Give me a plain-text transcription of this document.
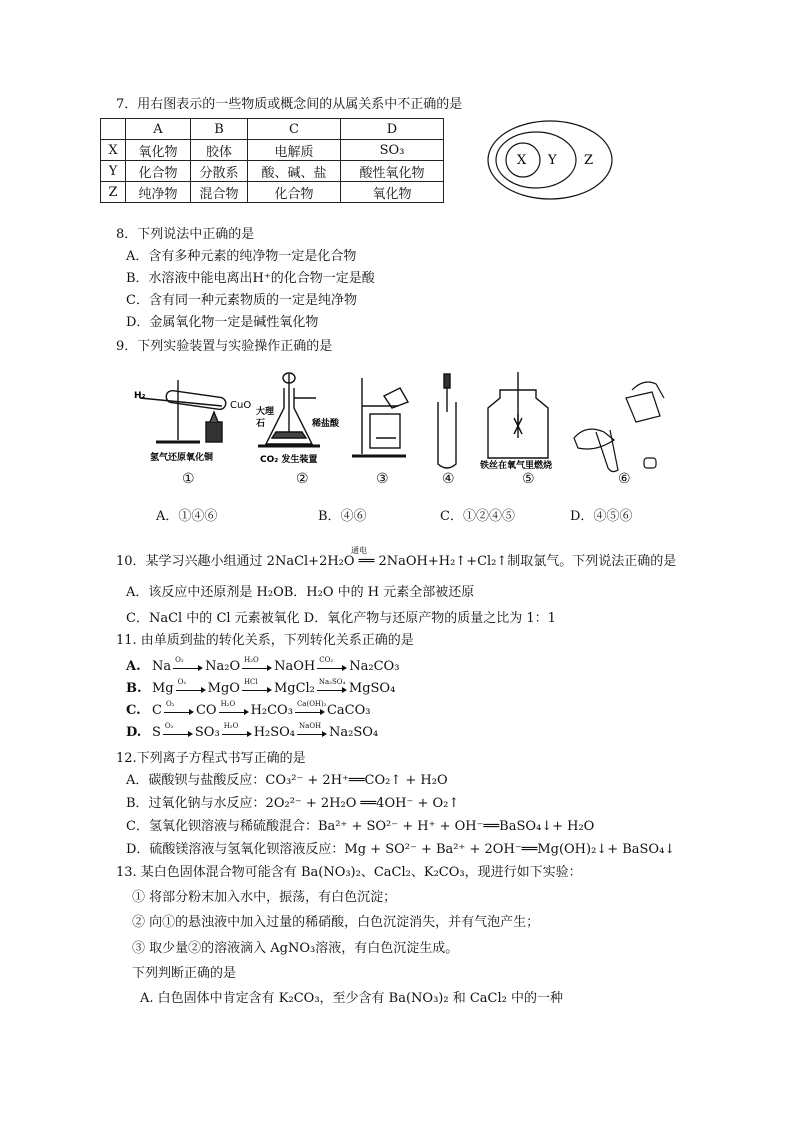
7．用右图表示的一些物质或概念间的从属关系中不正确的是
	A	B	C	D
X	氧化物	胶体	电解质	SO₃
Y	化合物	分散系	酸、碱、盐	酸性氧化物
Z	纯净物	混合物	化合物	氧化物
X Y Z
8．下列说法中正确的是
A．含有多种元素的纯净物一定是化合物
B．水溶液中能电离出H⁺的化合物一定是酸
C．含有同一种元素物质的一定是纯净物
D．金属氧化物一定是碱性氧化物
9．下列实验装置与实验操作正确的是
H₂
CuO
氢气还原氧化铜
大理
石	稀盐酸
CO₂ 发生装置
铁丝在氧气里燃烧
①	②	③	④	⑤	⑥
A．①④⑥	B．④⑥	C．①②④⑤	D．④⑤⑥
10．某学习兴趣小组通过 2NaCl+2H₂O ══ 2NaOH+H₂↑+Cl₂↑制取氯气。下列说法正确的是
通电
A．该反应中还原剂是 H₂OB．H₂O 中的 H 元素全部被还原
C．NaCl 中的 Cl 元素被氧化 D．氧化产物与还原产物的质量之比为 1：1
11. 由单质到盐的转化关系，下列转化关系正确的是
A. Na O₂ Na₂O H₂O NaOH CO₂ Na₂CO₃
B. Mg O₂ MgO HCl MgCl₂ Na₂SO₄ MgSO₄
C. C O₂ CO H₂O H₂CO₃ Ca(OH)₂ CaCO₃
D. S O₂ SO₃ H₂O H₂SO₄ NaOH Na₂SO₄
12.下列离子方程式书写正确的是
A．碳酸钡与盐酸反应：CO₃²⁻ + 2H⁺══CO₂↑ + H₂O
B．过氧化钠与水反应：2O₂²⁻ + 2H₂O ══4OH⁻ + O₂↑
C．氢氧化钡溶液与稀硫酸混合：Ba²⁺ + SO²⁻ + H⁺ + OH⁻══BaSO₄↓+ H₂O
D．硫酸镁溶液与氢氧化钡溶液反应：Mg + SO²⁻ + Ba²⁺ + 2OH⁻══Mg(OH)₂↓+ BaSO₄↓
13. 某白色固体混合物可能含有 Ba(NO₃)₂、CaCl₂、K₂CO₃，现进行如下实验：
① 将部分粉末加入水中，振荡，有白色沉淀；
② 向①的悬浊液中加入过量的稀硝酸，白色沉淀消失，并有气泡产生；
③ 取少量②的溶液滴入 AgNO₃溶液，有白色沉淀生成。
下列判断正确的是
A. 白色固体中肯定含有 K₂CO₃，至少含有 Ba(NO₃)₂ 和 CaCl₂ 中的一种
